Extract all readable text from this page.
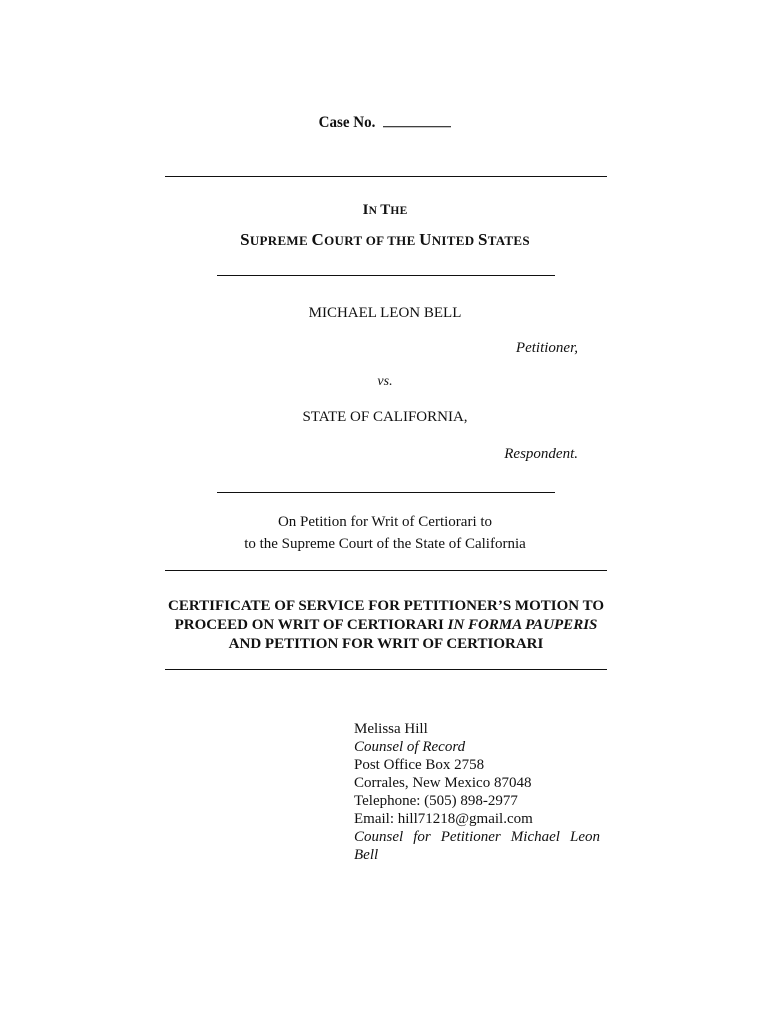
Case No.
IN THE
SUPREME COURT OF THE UNITED STATES
MICHAEL LEON BELL
Petitioner,
vs.
STATE OF CALIFORNIA,
Respondent.
On Petition for Writ of Certiorari to
to the Supreme Court of the State of California
CERTIFICATE OF SERVICE FOR PETITIONER’S MOTION TO
PROCEED ON WRIT OF CERTIORARI IN FORMA PAUPERIS
AND PETITION FOR WRIT OF CERTIORARI
Melissa Hill
Counsel of Record
Post Office Box 2758
Corrales, New Mexico 87048
Telephone: (505) 898-2977
Email: hill71218@gmail.com
Counsel for Petitioner Michael Leon
Bell
